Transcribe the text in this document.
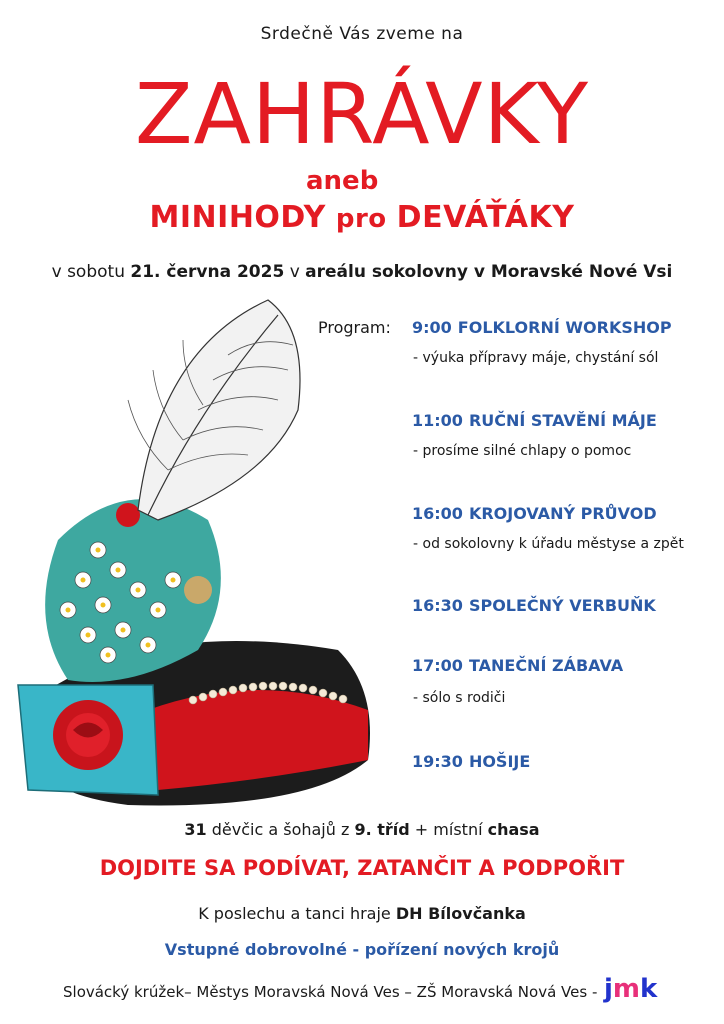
Srdečně Vás zveme na
ZAHRÁVKY
aneb
MINIHODY pro DEVÁŤÁKY
v sobotu 21. června 2025 v areálu sokolovny v Moravské Nové Vsi
Program: 9:00 FOLKLORNÍ WORKSHOP
- výuka přípravy máje, chystání sól
11:00 RUČNÍ STAVĚNÍ MÁJE
- prosíme silné chlapy o pomoc
16:00 KROJOVANÝ PRŮVOD
- od sokolovny k úřadu městyse a zpět
16:30 SPOLEČNÝ VERBUŇK
17:00 TANEČNÍ ZÁBAVA
- sólo s rodiči
19:30 HOŠIJE
31 děvčic a šohajů z 9. tříd + místní chasa
DOJDITE SA PODÍVAT, ZATANČIT A PODPOŘIT
K poslechu a tanci hraje DH Bílovčanka
Vstupné dobrovolné - pořízení nových krojů
Slovácký krúžek– Městys Moravská Nová Ves – ZŠ Moravská Nová Ves - jmk
